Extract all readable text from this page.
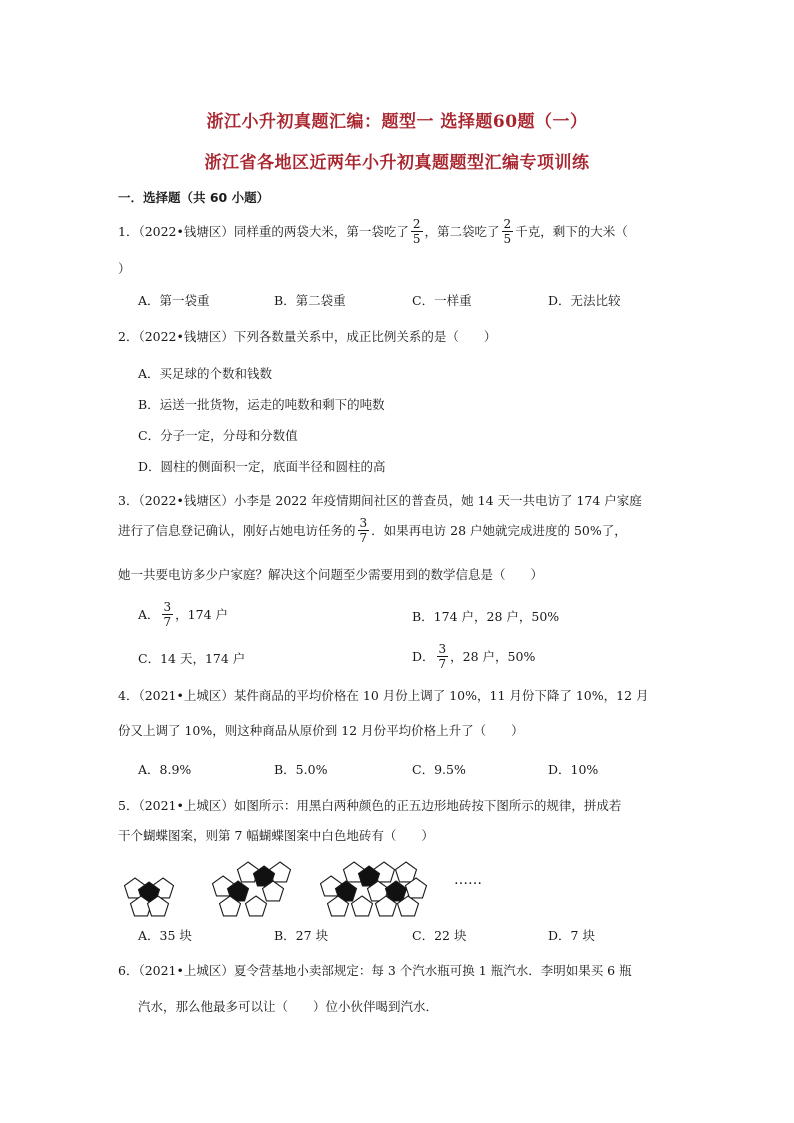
浙江小升初真题汇编：题型一 选择题60题（一）
浙江省各地区近两年小升初真题题型汇编专项训练
一．选择题（共 60 小题）
1．（2022•钱塘区）同样重的两袋大米，第一袋吃了 $\frac{2}{5}$ ，第二袋吃了 $\frac{2}{5}$ 千克，剩下的大米（
）
A．第一袋重	B．第二袋重	C．一样重	D．无法比较
2．（2022•钱塘区）下列各数量关系中，成正比例关系的是（　　）
A．买足球的个数和钱数
B．运送一批货物，运走的吨数和剩下的吨数
C．分子一定，分母和分数值
D．圆柱的侧面积一定，底面半径和圆柱的高
3．（2022•钱塘区）小李是 2022 年疫情期间社区的普查员，她 14 天一共电访了 174 户家庭
进行了信息登记确认，刚好占她电访任务的 $\frac{3}{7}$ ．如果再电访 28 户她就完成进度的 50%了，
她一共要电访多少户家庭？解决这个问题至少需要用到的数学信息是（　　）
A． $\frac{3}{7}$ ，174 户	B．174 户，28 户，50%
C．14 天，174 户	D． $\frac{3}{7}$ ，28 户，50%
4．（2021•上城区）某件商品的平均价格在 10 月份上调了 10%，11 月份下降了 10%，12 月
份又上调了 10%，则这种商品从原价到 12 月份平均价格上升了（　　）
A．8.9%	B．5.0%	C．9.5%	D．10%
5．（2021•上城区）如图所示：用黑白两种颜色的正五边形地砖按下图所示的规律，拼成若
干个蝴蝶图案，则第 7 幅蝴蝶图案中白色地砖有（　　）
……
A．35 块	B．27 块	C．22 块	D．7 块
6．（2021•上城区）夏令营基地小卖部规定：每 3 个汽水瓶可换 1 瓶汽水．李明如果买 6 瓶
汽水，那么他最多可以让（　　）位小伙伴喝到汽水．
